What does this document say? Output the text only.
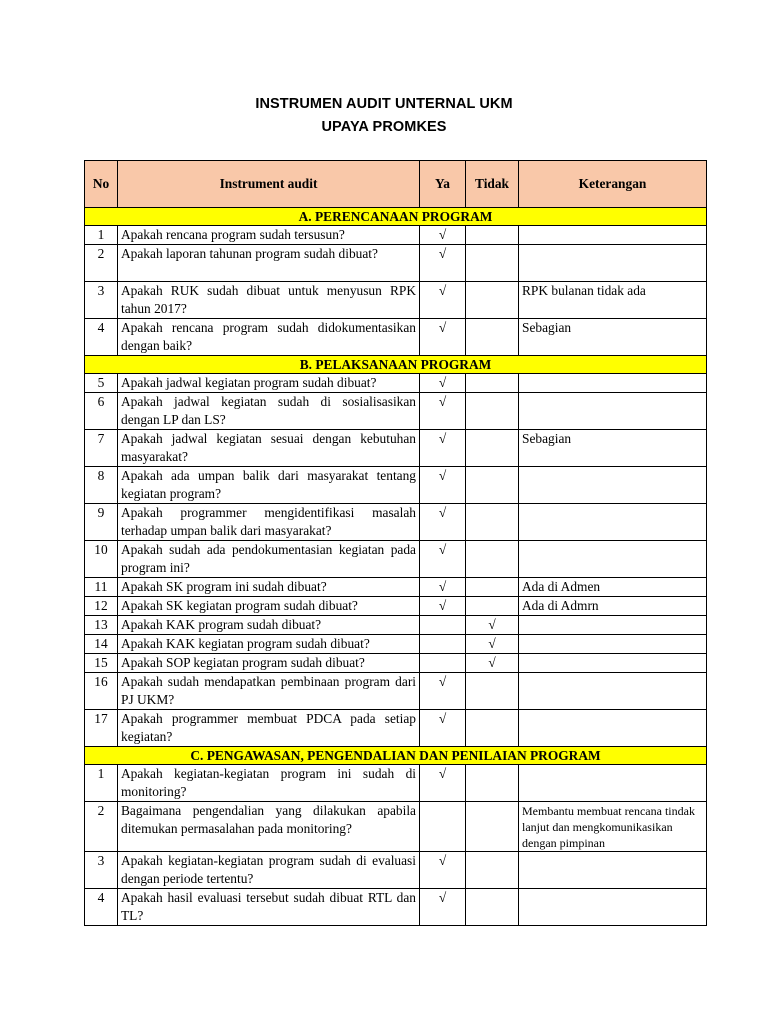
INSTRUMEN AUDIT UNTERNAL UKM
UPAYA PROMKES
No	Instrument audit	Ya	Tidak	Keterangan
A. PERENCANAAN PROGRAM				
1	Apakah rencana program sudah tersusun?	√		
2	Apakah laporan tahunan program sudah dibuat?	√		
3	Apakah RUK sudah dibuat untuk menyusun RPK tahun 2017?	√		RPK bulanan tidak ada
4	Apakah rencana program sudah didokumentasikan dengan baik?	√		Sebagian
B. PELAKSANAAN PROGRAM				
5	Apakah jadwal kegiatan program sudah dibuat?	√		
6	Apakah jadwal kegiatan sudah di sosialisasikan dengan LP dan LS?	√		
7	Apakah jadwal kegiatan sesuai dengan kebutuhan masyarakat?	√		Sebagian
8	Apakah ada umpan balik dari masyarakat tentang kegiatan program?	√		
9	Apakah programmer mengidentifikasi masalah terhadap umpan balik dari masyarakat?	√		
10	Apakah sudah ada pendokumentasian kegiatan pada program ini?	√		
11	Apakah SK program ini sudah dibuat?	√		Ada di Admen
12	Apakah SK kegiatan program sudah dibuat?	√		Ada di Admrn
13	Apakah KAK program sudah dibuat?		√	
14	Apakah KAK kegiatan program sudah dibuat?		√	
15	Apakah SOP kegiatan program sudah dibuat?		√	
16	Apakah sudah mendapatkan pembinaan program dari PJ UKM?	√		
17	Apakah programmer membuat PDCA pada setiap kegiatan?	√		
C. PENGAWASAN, PENGENDALIAN DAN PENILAIAN PROGRAM				
1	Apakah kegiatan-kegiatan program ini sudah di monitoring?	√		
2	Bagaimana pengendalian yang dilakukan apabila ditemukan permasalahan pada monitoring?			Membantu membuat rencana tindak lanjut dan mengkomunikasikan dengan pimpinan
3	Apakah kegiatan-kegiatan program sudah di evaluasi dengan periode tertentu?	√		
4	Apakah hasil evaluasi tersebut sudah dibuat RTL dan TL?	√		
